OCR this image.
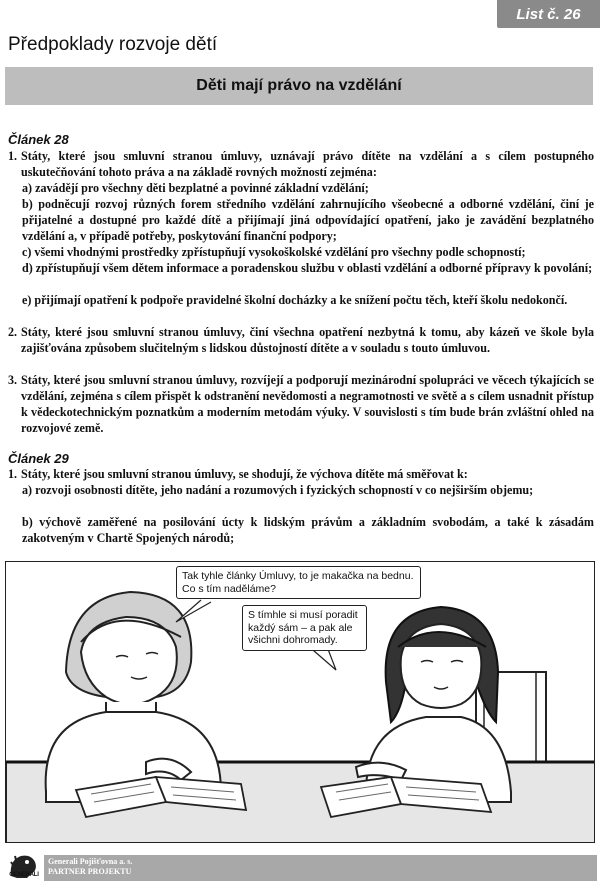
List č. 26
Předpoklady rozvoje dětí
Děti mají právo na vzdělání
Článek 28
1. Státy, které jsou smluvní stranou úmluvy, uznávají právo dítěte na vzdělání a s cílem postupného uskutečňování tohoto práva a na základě rovných možností zejména:
a) zavádějí pro všechny děti bezplatné a povinné základní vzdělání;
b) podněcují rozvoj různých forem středního vzdělání zahrnujícího všeobecné a odborné vzdělání, činí je přijatelné a dostupné pro každé dítě a přijímají jiná odpovídající opatření, jako je zavádění bezplatného vzdělání a, v případě potřeby, poskytování finanční podpory;
c) všemi vhodnými prostředky zpřístupňují vysokoškolské vzdělání pro všechny podle schopností;
d) zpřístupňují všem dětem informace a poradenskou službu v oblasti vzdělání a odborné přípravy k povolání;
e) přijímají opatření k podpoře pravidelné školní docházky a ke snížení počtu těch, kteří školu nedokončí.
2. Státy, které jsou smluvní stranou úmluvy, činí všechna opatření nezbytná k tomu, aby kázeň ve škole byla zajišťována způsobem slučitelným s lidskou důstojností dítěte a v souladu s touto úmluvou.
3. Státy, které jsou smluvní stranou úmluvy, rozvíjejí a podporují mezinárodní spolupráci ve věcech týkajících se vzdělání, zejména s cílem přispět k odstranění nevědomosti a negramotnosti ve světě a s cílem usnadnit přístup k vědeckotechnickým poznatkům a moderním metodám výuky. V souvislosti s tím bude brán zvláštní ohled na rozvojové země.
Článek 29
1. Státy, které jsou smluvní stranou úmluvy, se shodují, že výchova dítěte má směřovat k:
a) rozvoji osobnosti dítěte, jeho nadání a rozumových i fyzických schopností v co nejširším objemu;
b) výchově zaměřené na posilování úcty k lidským právům a základním svobodám, a také k zásadám zakotveným v Chartě Spojených národů;
Tak tyhle články Úmluvy, to je makačka na bednu. Co s tím naděláme?
S tímhle si musí poradit každý sám – a pak ale všichni dohromady.
GENERALI
Generali Pojišťovna a. s.
PARTNER PROJEKTU
